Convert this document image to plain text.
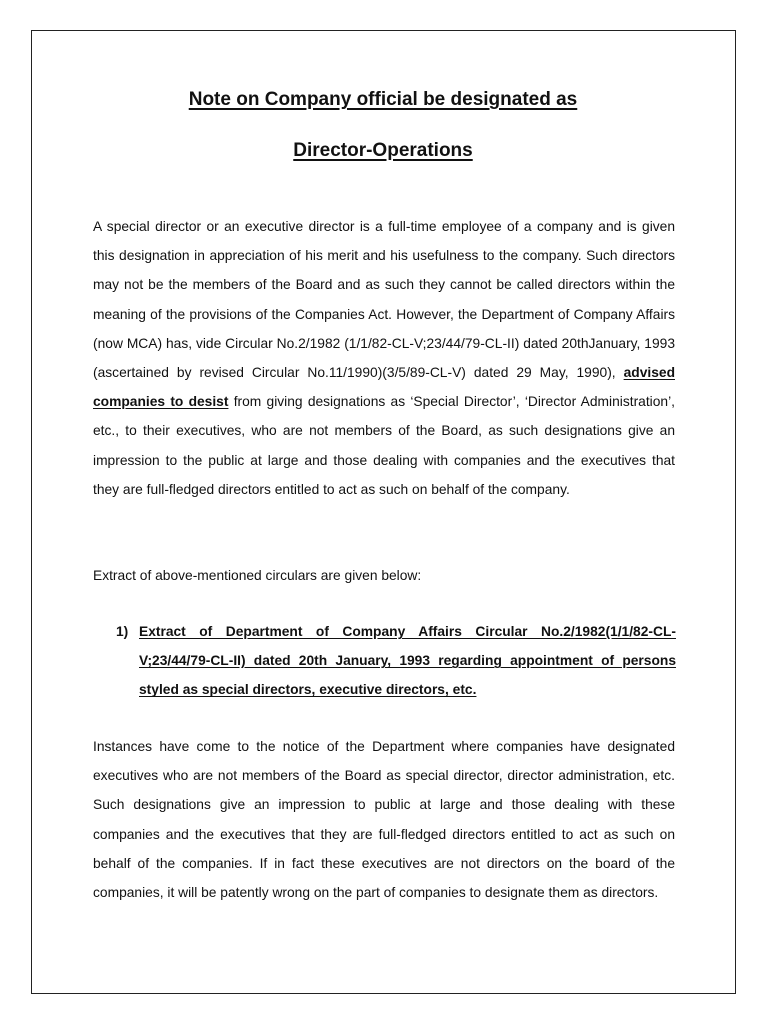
Note on Company official be designated as
Director-Operations

A special director or an executive director is a full-time employee of a company and is given this designation in appreciation of his merit and his usefulness to the company. Such directors may not be the members of the Board and as such they cannot be called directors within the meaning of the provisions of the Companies Act. However, the Department of Company Affairs (now MCA) has, vide Circular No.2/1982 (1/1/82-CL-V;23/44/79-CL-II) dated 20thJanuary, 1993 (ascertained by revised Circular No.11/1990)(3/5/89-CL-V) dated 29 May, 1990), advised companies to desist from giving designations as ‘Special Director’, ‘Director Administration’, etc., to their executives, who are not members of the Board, as such designations give an impression to the public at large and those dealing with companies and the executives that they are full-fledged directors entitled to act as such on behalf of the company.

Extract of above-mentioned circulars are given below:

1) Extract of Department of Company Affairs Circular No.2/1982(1/1/82-CL-V;23/44/79-CL-II) dated 20th January, 1993 regarding appointment of persons styled as special directors, executive directors, etc.

Instances have come to the notice of the Department where companies have designated executives who are not members of the Board as special director, director administration, etc. Such designations give an impression to public at large and those dealing with these companies and the executives that they are full-fledged directors entitled to act as such on behalf of the companies. If in fact these executives are not directors on the board of the companies, it will be patently wrong on the part of companies to designate them as directors.
